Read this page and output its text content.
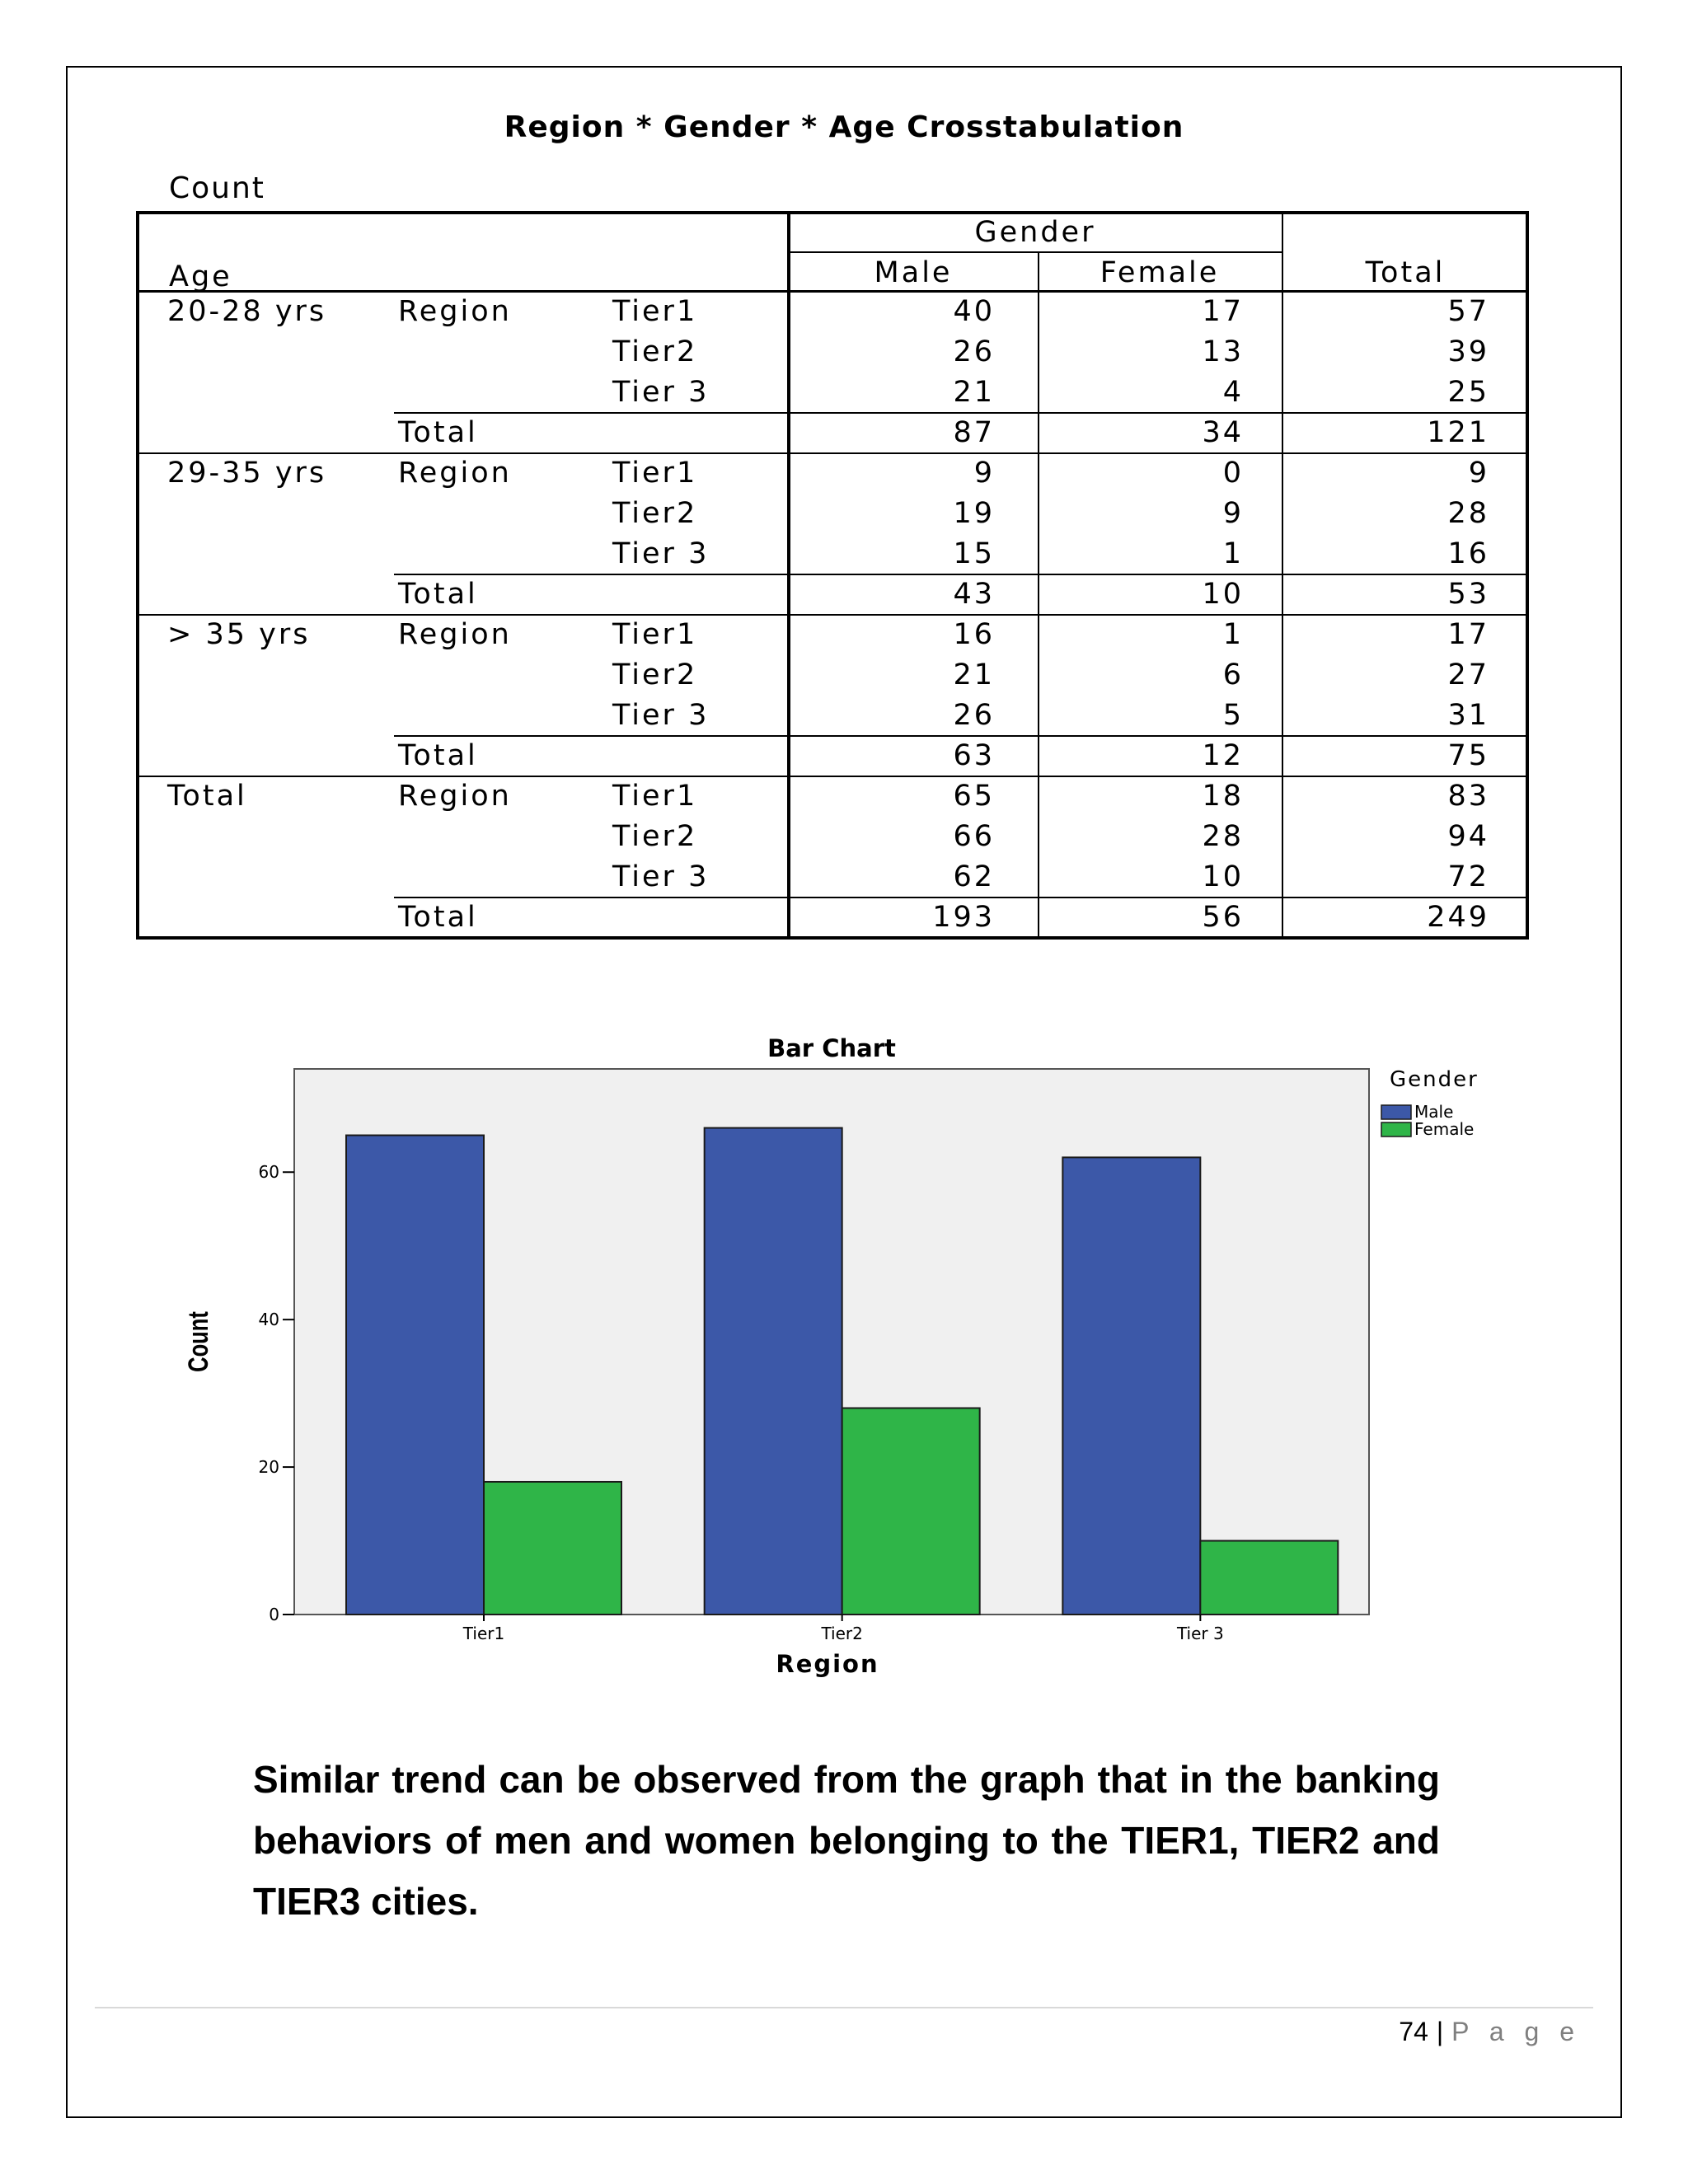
Region * Gender * Age Crosstabulation
Count
Age
Gender
Male	Female	Total
20-28 yrs Region	Tier1	40	17	57
Tier2	26	13	39
Tier 3	21	4	25
Total	87	34	121
29-35 yrs Region	Tier1	9	0	9
Tier2	19	9	28
Tier 3	15	1	16
Total	43	10	53
> 35 yrs	Region	Tier1	16	1	17
Tier2	21	6	27
Tier 3	26	5	31
Total	63	12	75
Total	Region	Tier1	65	18	83
Tier2	66	28	94
Tier 3	62	10	72
Total	193	56	249
Bar Chart
0
20
40
60
Count
Tier1	Tier2	Tier 3
Region
Gender
Male
Female
Similar trend can be observed from the graph that in the banking behaviors of men and women belonging to the TIER1, TIER2 and TIER3 cities.
74 | P a g e
